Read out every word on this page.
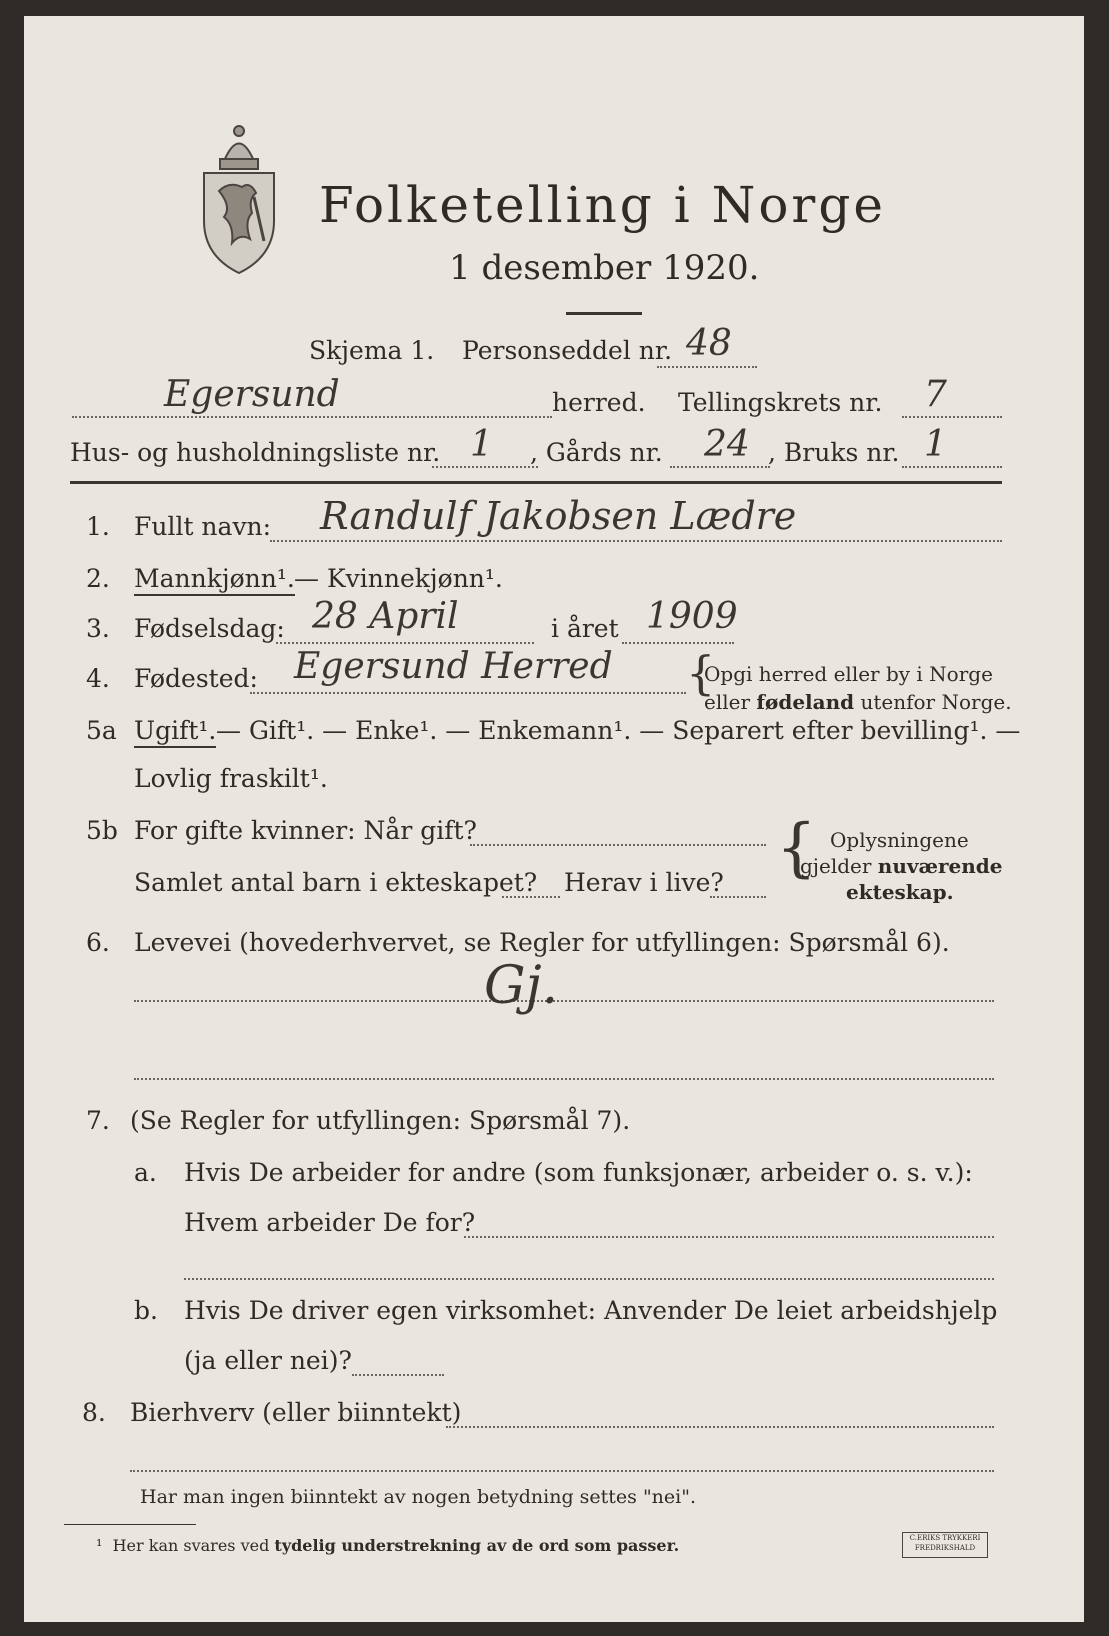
Folketelling i Norge
1 desember 1920.
Skjema 1. Personseddel nr. 48
Egersund	herred. Tellingskrets nr. 7
Hus- og husholdningsliste nr. 1 , Gårds nr. 24 , Bruks nr. 1
1. Fullt navn: Randulf Jakobsen Lædre
2. Mannkjønn¹. — Kvinnekjønn¹.
3. Fødselsdag: 28 April	i året 1909
4. Fødested: Egersund Herred {
Opgi herred eller by i Norge
eller fødeland utenfor Norge.
5a Ugift¹. — Gift¹. — Enke¹. — Enkemann¹. — Separert efter bevilling¹. —
Lovlig fraskilt¹.
5b For gifte kvinner: Når gift?
Samlet antal barn i ekteskapet? Herav i live? { Oplysningene
gjelder nuværende
ekteskap.
6. Levevei (hovederhvervet, se Regler for utfyllingen: Spørsmål 6).
Gj.
7. (Se Regler for utfyllingen: Spørsmål 7).
a. Hvis De arbeider for andre (som funksjonær, arbeider o. s. v.):
Hvem arbeider De for?
b. Hvis De driver egen virksomhet: Anvender De leiet arbeidshjelp
(ja eller nei)?
8. Bierhverv (eller biinntekt)
Har man ingen biinntekt av nogen betydning settes "nei".
¹ Her kan svares ved tydelig understrekning av de ord som passer.	C.ERIKS TRYKKERI
FREDRIKSHALD
